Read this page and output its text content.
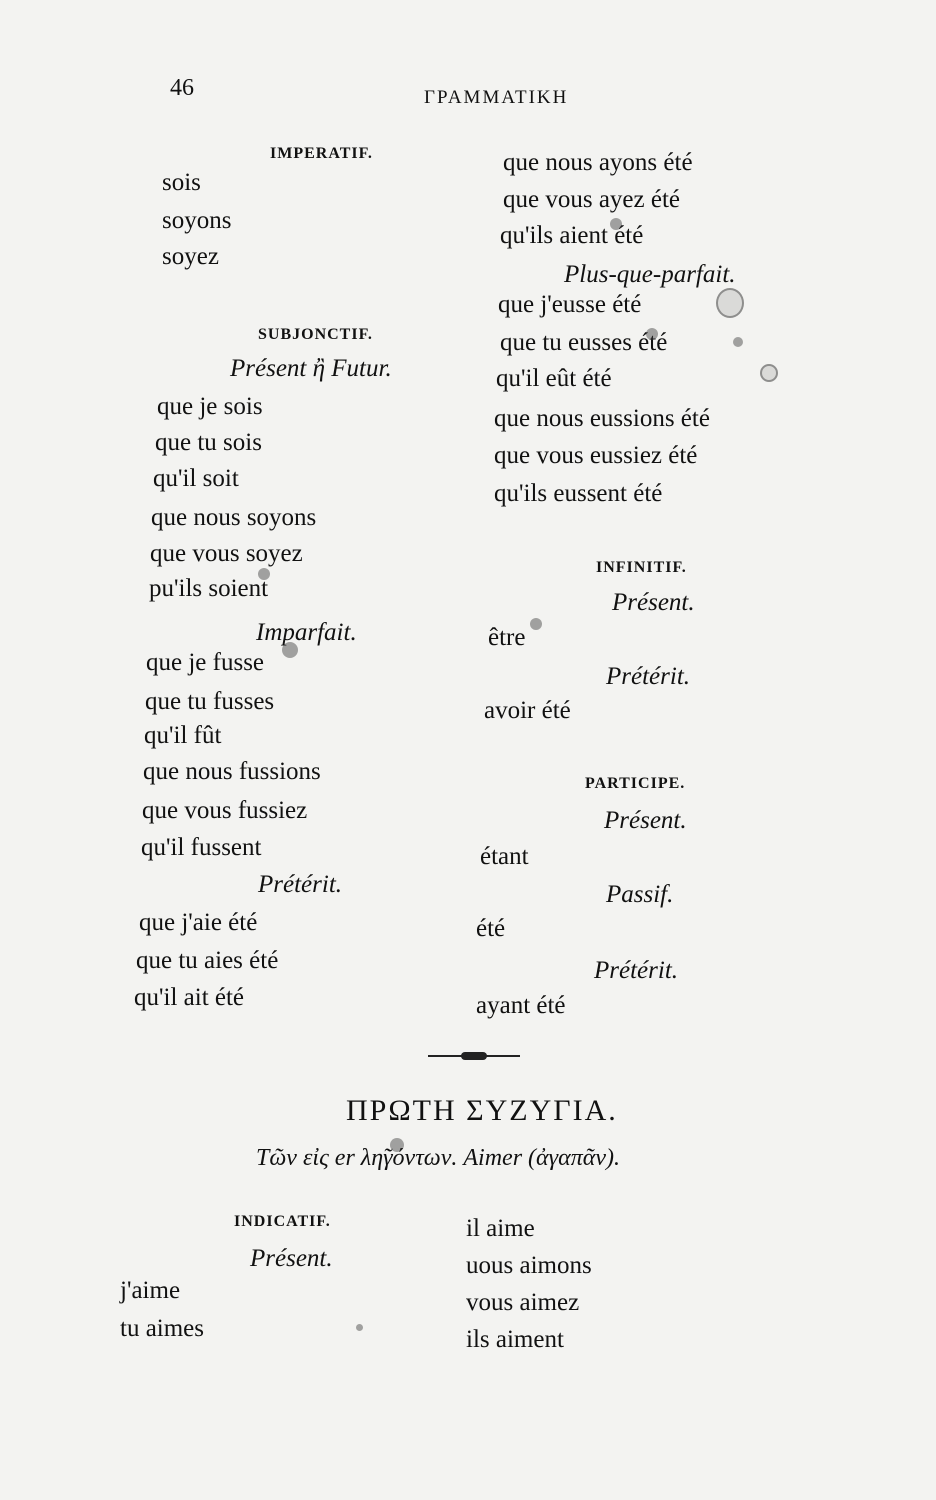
46	ΓΡΑΜΜΑΤΙΚΗ
IMPERATIF.
sois
soyons
soyez
que nous ayons été
que vous ayez été
qu'ils aient été
Plus-que-parfait.
que j'eusse été
que tu eusses été
qu'il eût été
que nous eussions été
que vous eussiez été
qu'ils eussent été
SUBJONCTIF.
Présent ἢ Futur.
que je sois
que tu sois
qu'il soit
que nous soyons
que vous soyez
pu'ils soient
Imparfait.
que je fusse
que tu fusses
qu'il fût
que nous fussions
que vous fussiez
qu'il fussent
Prétérit.
que j'aie été
que tu aies été
qu'il ait été
INFINITIF.
Présent.
être
Prétérit.
avoir été
PARTICIPE.
Présent.
étant
Passif.
été
Prétérit.
ayant été
ΠΡΩΤΗ ΣΥΖΥΓΙΑ.
Τῶν εἰς er λη̃γόντων. Aimer (ἀγαπᾶν).
INDICATIF.
Présent.
j'aime
tu aimes
il aime
uous aimons
vous aimez
ils aiment
